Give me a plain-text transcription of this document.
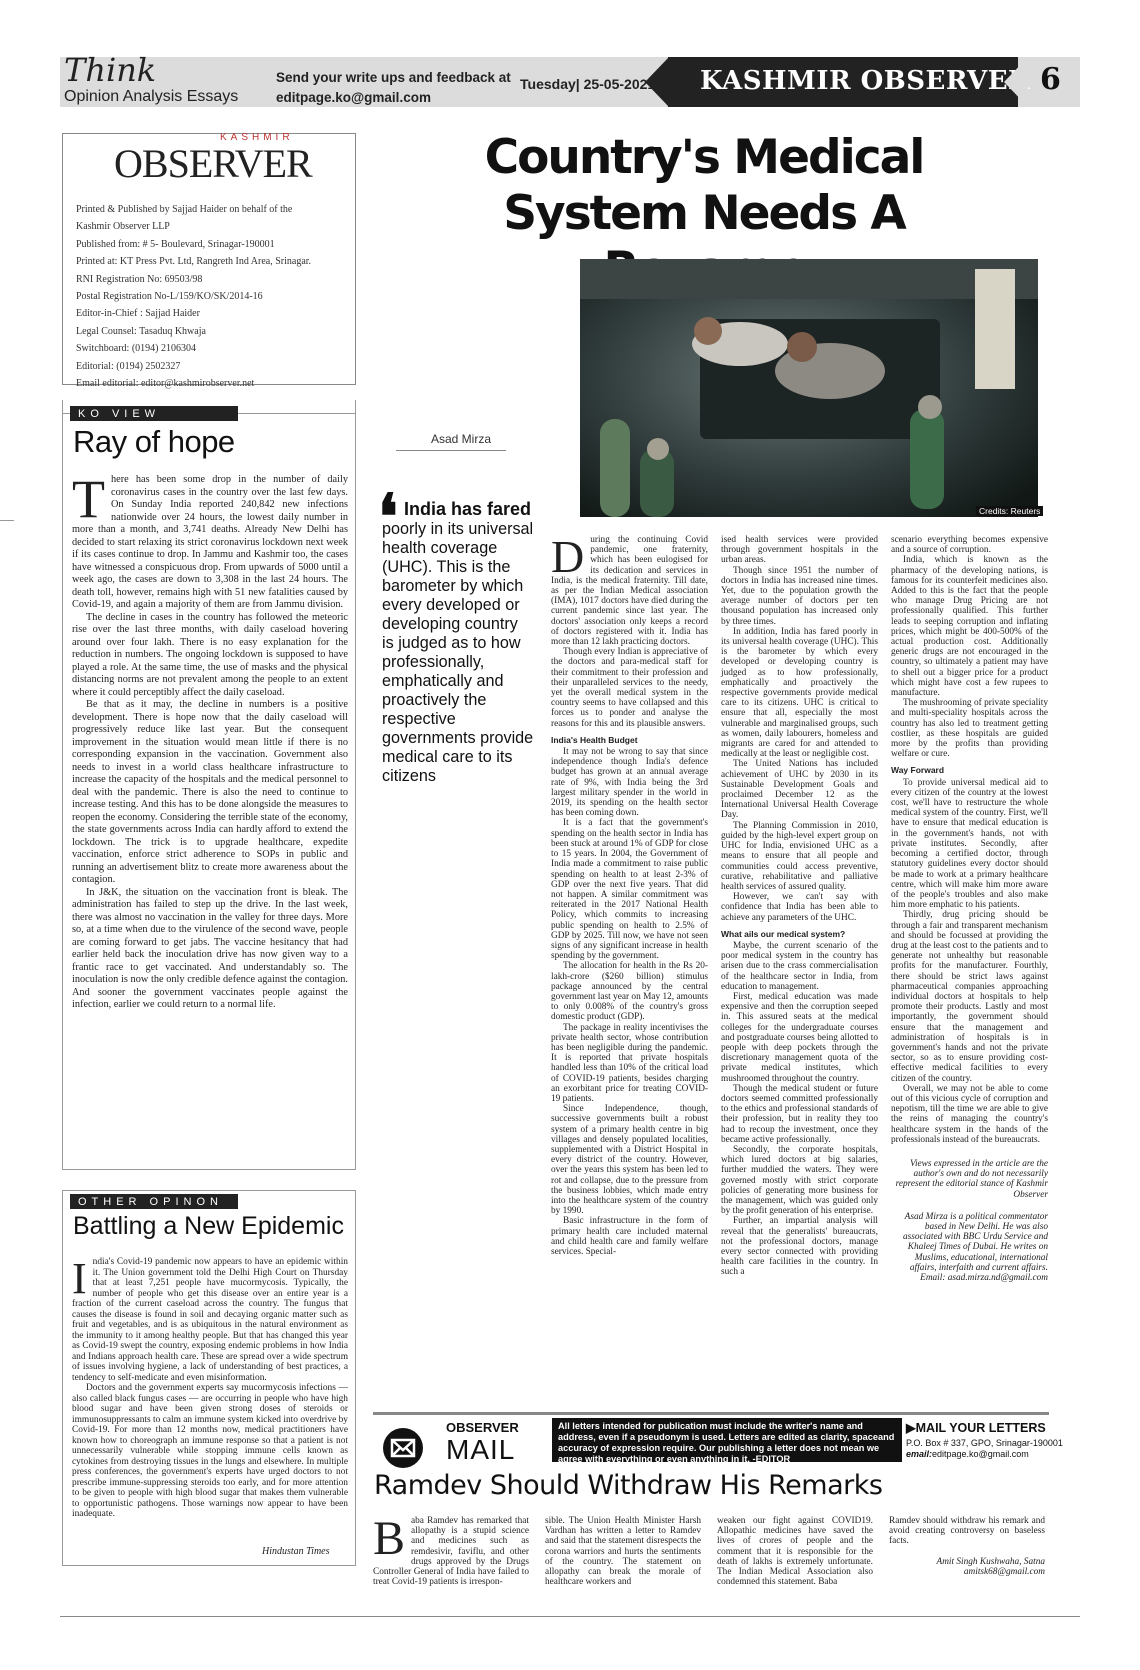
Think
Opinion Analysis Essays
Send your write ups and feedback at
editpage.ko@gmail.com
Tuesday| 25-05-2021 KASHMIR OBSERVER 6
KASHMIR
OBSERVER
Printed & Published by Sajjad Haider on behalf of the
Kashmir Observer LLP
Published from: # 5- Boulevard, Srinagar-190001
Printed at: KT Press Pvt. Ltd, Rangreth Ind Area, Srinagar.
RNI Registration No: 69503/98
Postal Registration No-L/159/KO/SK/2014-16
Editor-in-Chief : Sajjad Haider
Legal Counsel: Tasaduq Khwaja
Switchboard: (0194) 2106304
Editorial: (0194) 2502327
Email editorial: editor@kashmirobserver.net
KO VIEW
Ray of hope

There has been some drop in the number of daily coronavirus cases in the country over the last few days. On Sunday India reported 240,842 new infections nationwide over 24 hours, the lowest daily number in more than a month, and 3,741 deaths. Already New Delhi has decided to start relaxing its strict coronavirus lockdown next week if its cases continue to drop. In Jammu and Kashmir too, the cases have witnessed a conspicuous drop. From upwards of 5000 until a week ago, the cases are down to 3,308 in the last 24 hours. The death toll, however, remains high with 51 new fatalities caused by Covid-19, and again a majority of them are from Jammu division.

The decline in cases in the country has followed the meteoric rise over the last three months, with daily caseload hovering around over four lakh. There is no easy explanation for the reduction in numbers. The ongoing lockdown is supposed to have played a role. At the same time, the use of masks and the physical distancing norms are not prevalent among the people to an extent where it could perceptibly affect the daily caseload.

Be that as it may, the decline in numbers is a positive development. There is hope now that the daily caseload will progressively reduce like last year. But the consequent improvement in the situation would mean little if there is no corresponding expansion in the vaccination. Government also needs to invest in a world class healthcare infrastructure to increase the capacity of the hospitals and the medical personnel to deal with the pandemic. There is also the need to continue to increase testing. And this has to be done alongside the measures to reopen the economy. Considering the terrible state of the economy, the state governments across India can hardly afford to extend the lockdown. The trick is to upgrade healthcare, expedite vaccination, enforce strict adherence to SOPs in public and running an advertisement blitz to create more awareness about the contagion.

In J&K, the situation on the vaccination front is bleak. The administration has failed to step up the drive. In the last week, there was almost no vaccination in the valley for three days. More so, at a time when due to the virulence of the second wave, people are coming forward to get jabs. The vaccine hesitancy that had earlier held back the inoculation drive has now given way to a frantic race to get vaccinated. And understandably so. The inoculation is now the only credible defence against the contagion. And sooner the government vaccinates people against the infection, earlier we could return to a normal life.

OTHER OPINON
Battling a New Epidemic

India's Covid-19 pandemic now appears to have an epidemic within it. The Union government told the Delhi High Court on Thursday that at least 7,251 people have mucormycosis. Typically, the number of people who get this disease over an entire year is a fraction of the current caseload across the country. The fungus that causes the disease is found in soil and decaying organic matter such as fruit and vegetables, and is as ubiquitous in the natural environment as the immunity to it among healthy people. But that has changed this year as Covid-19 swept the country, exposing endemic problems in how India and Indians approach health care. These are spread over a wide spectrum of issues involving hygiene, a lack of understanding of best practices, a tendency to self-medicate and even misinformation.

Doctors and the government experts say mucormycosis infections — also called black fungus cases — are occurring in people who have high blood sugar and have been given strong doses of steroids or immunosuppressants to calm an immune system kicked into overdrive by Covid-19. For more than 12 months now, medical practitioners have known how to choreograph an immune response so that a patient is not unnecessarily vulnerable while stopping immune cells known as cytokines from destroying tissues in the lungs and elsewhere. In multiple press conferences, the government's experts have urged doctors to not prescribe immune-suppressing steroids too early, and for more attention to be given to people with high blood sugar that makes them vulnerable to opportunistic pathogens. Those warnings now appear to have been inadequate.

Hindustan Times
Country's Medical
System Needs A
Credits: Reuters
Asad Mirza
❛ India has fared poorly in its universal health coverage (UHC). This is the barometer by which every developed or developing country is judged as to how professionally, emphatically and proactively the respective governments provide medical care to its citizens

During the continuing Covid pandemic, one fraternity, which has been eulogised for its dedication and services in India, is the medical fraternity. Till date, as per the Indian Medical association (IMA), 1017 doctors have died during the current pandemic since last year. The doctors' association only keeps a record of doctors registered with it. India has more than 12 lakh practicing doctors.

Though every Indian is appreciative of the doctors and para-medical staff for their commitment to their profession and their unparalleled services to the needy, yet the overall medical system in the country seems to have collapsed and this forces us to ponder and analyse the reasons for this and its plausible answers.

India's Health Budget

It may not be wrong to say that since independence though India's defence budget has grown at an annual average rate of 9%, with India being the 3rd largest military spender in the world in 2019, its spending on the health sector has been coming down.

It is a fact that the government's spending on the health sector in India has been stuck at around 1% of GDP for close to 15 years. In 2004, the Government of India made a commitment to raise public spending on health to at least 2-3% of GDP over the next five years. That did not happen. A similar commitment was reiterated in the 2017 National Health Policy, which commits to increasing public spending on health to 2.5% of GDP by 2025. Till now, we have not seen signs of any significant increase in health spending by the government.

The allocation for health in the Rs 20-lakh-crore ($260 billion) stimulus package announced by the central government last year on May 12, amounts to only 0.008% of the country's gross domestic product (GDP).

The package in reality incentivises the private health sector, whose contribution has been negligible during the pandemic. It is reported that private hospitals handled less than 10% of the critical load of COVID-19 patients, besides charging an exorbitant price for treating COVID-19 patients.

Since Independence, though, successive governments built a robust system of a primary health centre in big villages and densely populated localities, supplemented with a District Hospital in every district of the country. However, over the years this system has been led to rot and collapse, due to the pressure from the business lobbies, which made entry into the healthcare system of the country by 1990.

Basic infrastructure in the form of primary health care included maternal and child health care and family welfare services. Special-

ised health services were provided through government hospitals in the urban areas.

Though since 1951 the number of doctors in India has increased nine times. Yet, due to the population growth the average number of doctors per ten thousand population has increased only by three times.

In addition, India has fared poorly in its universal health coverage (UHC). This is the barometer by which every developed or developing country is judged as to how professionally, emphatically and proactively the respective governments provide medical care to its citizens. UHC is critical to ensure that all, especially the most vulnerable and marginalised groups, such as women, daily labourers, homeless and migrants are cared for and attended to medically at the least or negligible cost.

The United Nations has included achievement of UHC by 2030 in its Sustainable Development Goals and proclaimed December 12 as the International Universal Health Coverage Day.

The Planning Commission in 2010, guided by the high-level expert group on UHC for India, envisioned UHC as a means to ensure that all people and communities could access preventive, curative, rehabilitative and palliative health services of assured quality.

However, we can't say with confidence that India has been able to achieve any parameters of the UHC.

What ails our medical system?

Maybe, the current scenario of the poor medical system in the country has arisen due to the crass commercialisation of the healthcare sector in India, from education to management.

First, medical education was made expensive and then the corruption seeped in. This assured seats at the medical colleges for the undergraduate courses and postgraduate courses being allotted to people with deep pockets through the discretionary management quota of the private medical institutes, which mushroomed throughout the country.

Though the medical student or future doctors seemed committed professionally to the ethics and professional standards of their profession, but in reality they too had to recoup the investment, once they became active professionally.

Secondly, the corporate hospitals, which lured doctors at big salaries, further muddied the waters. They were governed mostly with strict corporate policies of generating more business for the management, which was guided only by the profit generation of his enterprise.

Further, an impartial analysis will reveal that the generalists' bureaucrats, not the professional doctors, manage every sector connected with providing health care facilities in the country. In such a

scenario everything becomes expensive and a source of corruption.

India, which is known as the pharmacy of the developing nations, is famous for its counterfeit medicines also. Added to this is the fact that the people who manage Drug Pricing are not professionally qualified. This further leads to seeping corruption and inflating prices, which might be 400-500% of the actual production cost. Additionally generic drugs are not encouraged in the country, so ultimately a patient may have to shell out a bigger price for a product which might have cost a few rupees to manufacture.

The mushrooming of private speciality and multi-speciality hospitals across the country has also led to treatment getting costlier, as these hospitals are guided more by the profits than providing welfare or cure.

Way Forward

To provide universal medical aid to every citizen of the country at the lowest cost, we'll have to restructure the whole medical system of the country. First, we'll have to ensure that medical education is in the government's hands, not with private institutes. Secondly, after becoming a certified doctor, through statutory guidelines every doctor should be made to work at a primary healthcare centre, which will make him more aware of the people's troubles and also make him more emphatic to his patients.

Thirdly, drug pricing should be through a fair and transparent mechanism and should be focussed at providing the drug at the least cost to the patients and to generate not unhealthy but reasonable profits for the manufacturer. Fourthly, there should be strict laws against pharmaceutical companies approaching individual doctors at hospitals to help promote their products. Lastly and most importantly, the government should ensure that the management and administration of hospitals is in government's hands and not the private sector, so as to ensure providing cost-effective medical facilities to every citizen of the country.

Overall, we may not be able to come out of this vicious cycle of corruption and nepotism, till the time we are able to give the reins of managing the country's healthcare system in the hands of the professionals instead of the bureaucrats.

Views expressed in the article are the author's own and do not necessarily represent the editorial stance of Kashmir Observer

Asad Mirza is a political commentator based in New Delhi. He was also associated with BBC Urdu Service and Khaleej Times of Dubai. He writes on Muslims, educational, international affairs, interfaith and current affairs. Email: asad.mirza.nd@gmail.com

OBSERVER
MAIL
All letters intended for publication must include the writer's name and address, even if a pseudonym is used. Letters are edited as clarity, spaceand accuracy of expression require. Our publishing a letter does not mean we agree with everything or even anything in it. -EDITOR
▶MAIL YOUR LETTERS
P.O. Box # 337, GPO, Srinagar-190001
email:editpage.ko@gmail.com
Ramdev Should Withdraw His Remarks
Baba Ramdev has remarked that allopathy is a stupid science and medicines such as remdesivir, faviflu, and other drugs approved by the Drugs Controller General of India have failed to treat Covid-19 patients is irrespon-
sible. The Union Health Minister Harsh Vardhan has written a letter to Ramdev and said that the statement disrespects the corona warriors and hurts the sentiments of the country. The statement on allopathy can break the morale of healthcare workers and
weaken our fight against COVID19. Allopathic medicines have saved the lives of crores of people and the comment that it is responsible for the death of lakhs is extremely unfortunate. The Indian Medical Association also condemned this statement. Baba
Ramdev should withdraw his remark and avoid creating controversy on baseless facts.
Amit Singh Kushwaha, Satna
amitsk68@gmail.com
